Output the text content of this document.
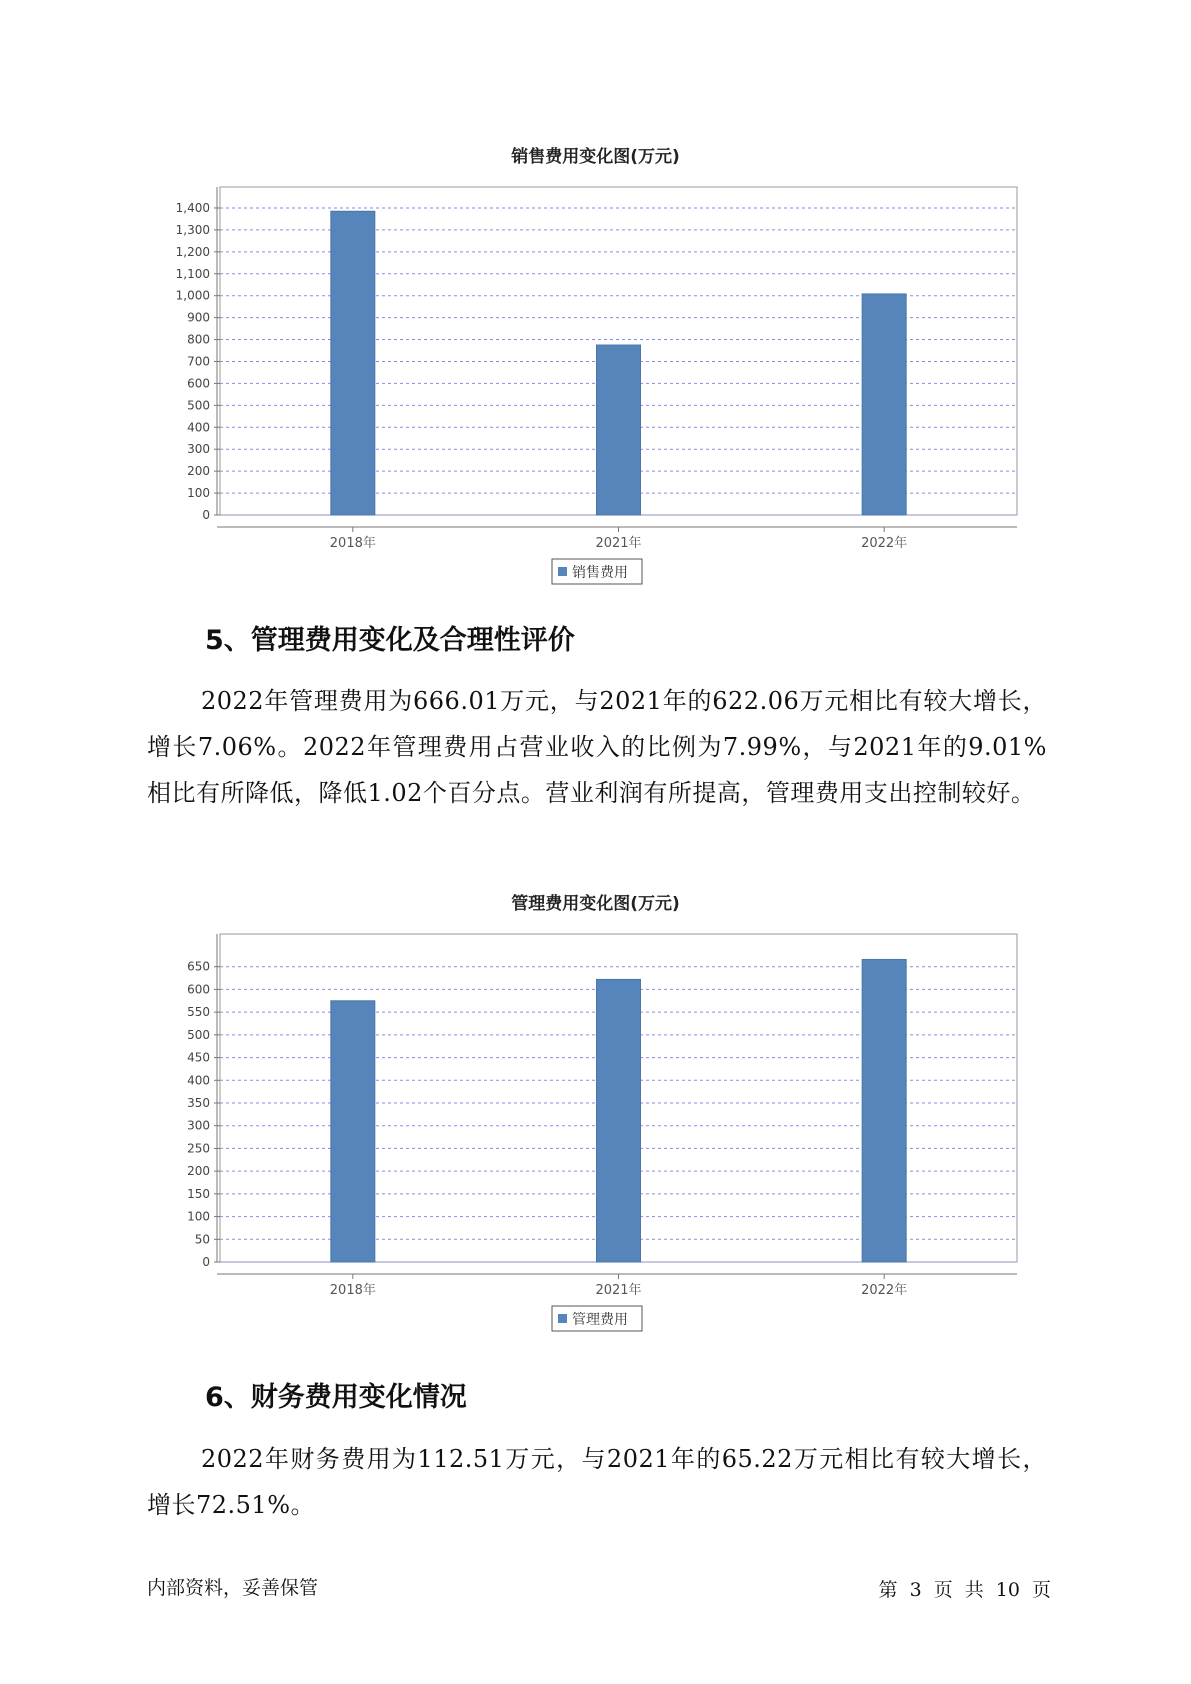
销售费用变化图(万元)
0
100
200
300
400
500
600
700
800
900
1,000
1,100
1,200
1,300
1,400
2018年	2021年	2022年
销售费用
5、管理费用变化及合理性评价

2022年管理费用为666.01万元，与2021年的622.06万元相比有较大增长，增长7.06%。2022年管理费用占营业收入的比例为7.99%，与2021年的9.01%相比有所降低，降低1.02个百分点。营业利润有所提高，管理费用支出控制较好。

管理费用变化图(万元)
0
50
100
150
200
250
300
350
400
450
500
550
600
650
2018年	2021年	2022年
管理费用
6、财务费用变化情况

2022年财务费用为112.51万元，与2021年的65.22万元相比有较大增长，增长72.51%。

内部资料，妥善保管	第 3 页 共 10 页
